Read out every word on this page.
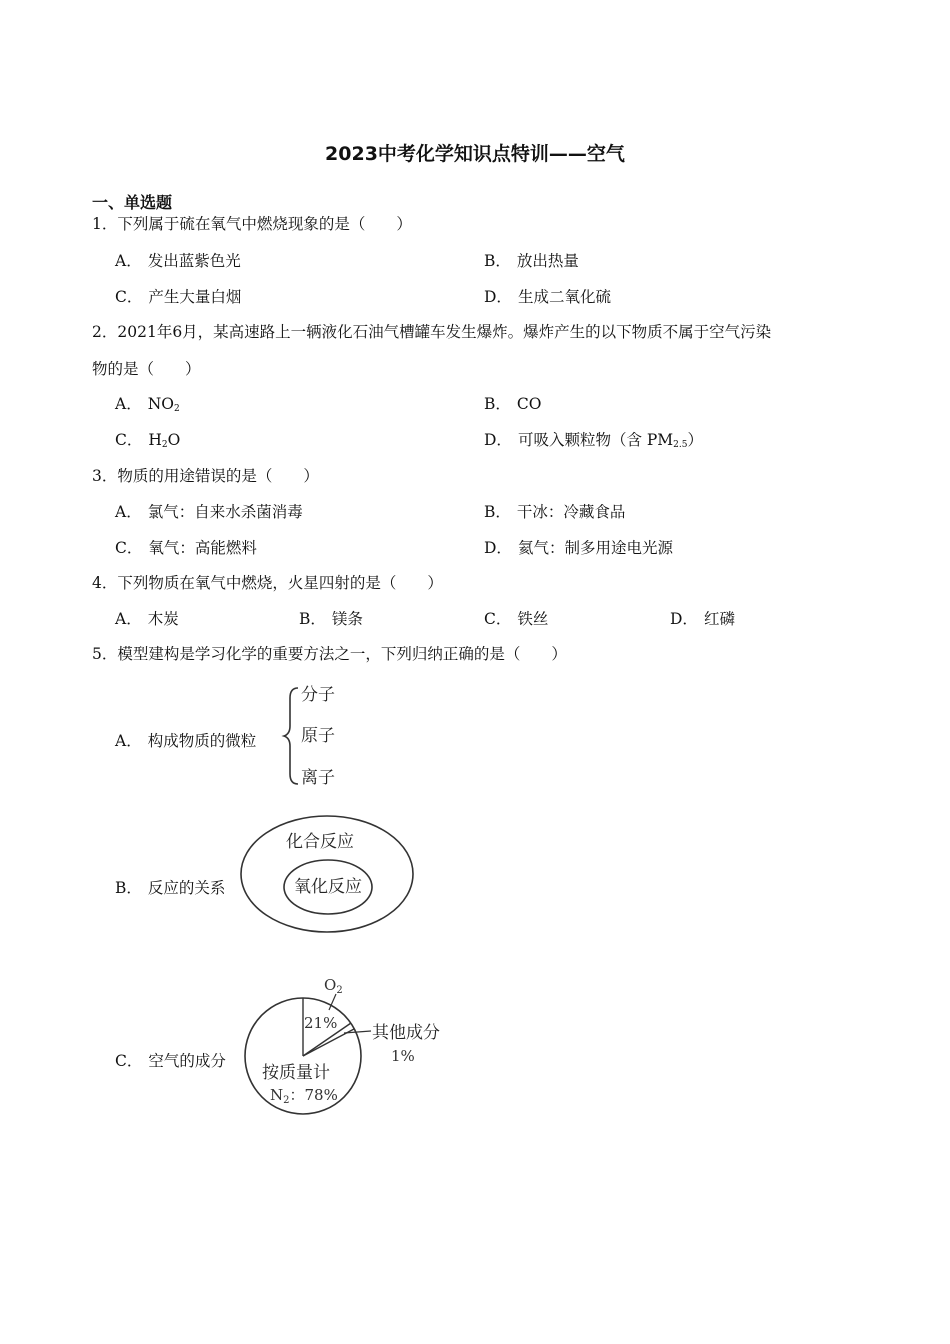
2023中考化学知识点特训——空气
一、单选题
1．下列属于硫在氧气中燃烧现象的是（　　）
A． 发出蓝紫色光	B． 放出热量
C． 产生大量白烟	D． 生成二氧化硫
2．2021年6月，某高速路上一辆液化石油气槽罐车发生爆炸。爆炸产生的以下物质不属于空气污染
物的是（　　）
A． $NO_2$	B． CO
C． $H_2O$	D． 可吸入颗粒物（含 $PM_{2.5}$）
3．物质的用途错误的是（　　）
A． 氯气：自来水杀菌消毒	B． 干冰：冷藏食品
C． 氧气：高能燃料	D． 氦气：制多用途电光源
4．下列物质在氧气中燃烧，火星四射的是（　　）
A． 木炭	B． 镁条	C． 铁丝	D． 红磷
5．模型建构是学习化学的重要方法之一，下列归纳正确的是（　　）
A． 构成物质的微粒
分子
原子
离子
B． 反应的关系
化合反应
氧化反应
C． 空气的成分
$O_2$
21% 其他成分
1%
按质量计
$N_2$：78%
